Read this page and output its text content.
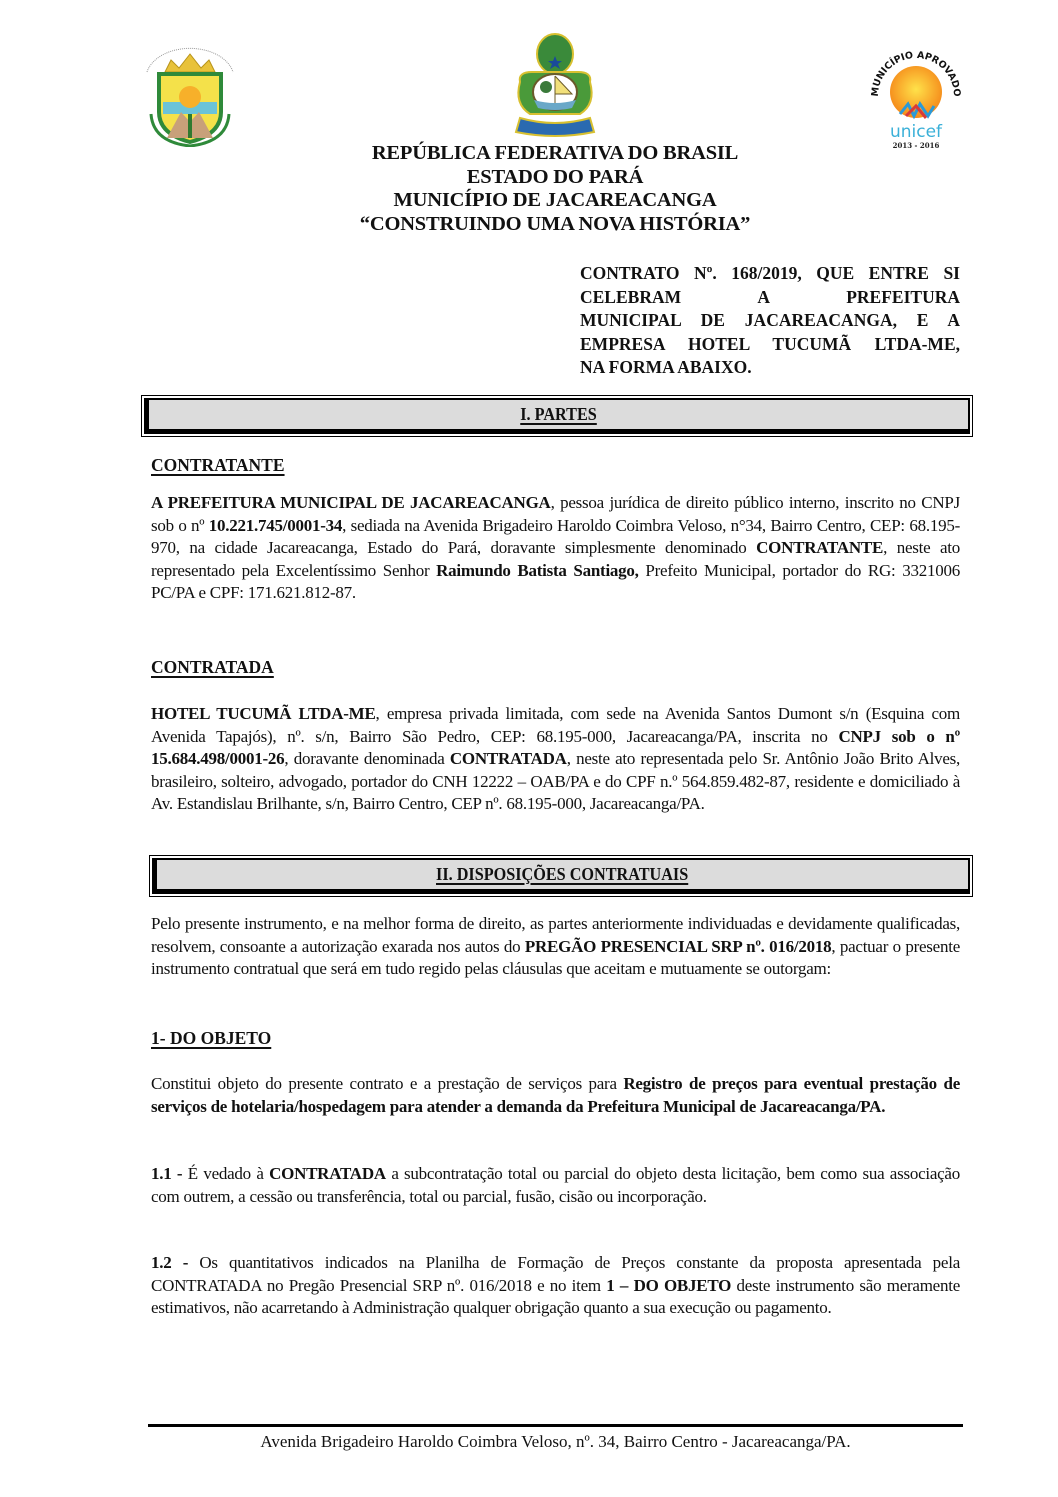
MUNICÍPIO APROVADO
unicef
2013 - 2016
REPÚBLICA FEDERATIVA DO BRASIL
ESTADO DO PARÁ
MUNICÍPIO DE JACAREACANGA
“CONSTRUINDO UMA NOVA HISTÓRIA”
CONTRATO Nº. 168/2019, QUE ENTRE SI
CELEBRAM A PREFEITURA
MUNICIPAL DE JACAREACANGA, E A
EMPRESA HOTEL TUCUMÃ LTDA-ME,
NA FORMA ABAIXO.
I. PARTES
CONTRATANTE
A PREFEITURA MUNICIPAL DE JACAREACANGA, pessoa jurídica de direito público interno, inscrito no CNPJ sob o nº 10.221.745/0001-34, sediada na Avenida Brigadeiro Haroldo Coimbra Veloso, n°34, Bairro Centro, CEP: 68.195-970, na cidade Jacareacanga, Estado do Pará, doravante simplesmente denominado CONTRATANTE, neste ato representado pela Excelentíssimo Senhor Raimundo Batista Santiago, Prefeito Municipal, portador do RG: 3321006 PC/PA e CPF: 171.621.812-87.
CONTRATADA
HOTEL TUCUMÃ LTDA-ME, empresa privada limitada, com sede na Avenida Santos Dumont s/n (Esquina com Avenida Tapajós), nº. s/n, Bairro São Pedro, CEP: 68.195-000, Jacareacanga/PA, inscrita no CNPJ sob o nº 15.684.498/0001-26, doravante denominada CONTRATADA, neste ato representada pelo Sr. Antônio João Brito Alves, brasileiro, solteiro, advogado, portador do CNH 12222 – OAB/PA e do CPF n.º 564.859.482-87, residente e domiciliado à Av. Estandislau Brilhante, s/n, Bairro Centro, CEP nº. 68.195-000, Jacareacanga/PA.
II. DISPOSIÇÕES CONTRATUAIS
Pelo presente instrumento, e na melhor forma de direito, as partes anteriormente individuadas e devidamente qualificadas, resolvem, consoante a autorização exarada nos autos do PREGÃO PRESENCIAL SRP nº. 016/2018, pactuar o presente instrumento contratual que será em tudo regido pelas cláusulas que aceitam e mutuamente se outorgam:
1- DO OBJETO
Constitui objeto do presente contrato e a prestação de serviços para Registro de preços para eventual prestação de serviços de hotelaria/hospedagem para atender a demanda da Prefeitura Municipal de Jacareacanga/PA.
1.1 - É vedado à CONTRATADA a subcontratação total ou parcial do objeto desta licitação, bem como sua associação com outrem, a cessão ou transferência, total ou parcial, fusão, cisão ou incorporação.
1.2 - Os quantitativos indicados na Planilha de Formação de Preços constante da proposta apresentada pela CONTRATADA no Pregão Presencial SRP nº. 016/2018 e no item 1 – DO OBJETO deste instrumento são meramente estimativos, não acarretando à Administração qualquer obrigação quanto a sua execução ou pagamento.
Avenida Brigadeiro Haroldo Coimbra Veloso, nº. 34, Bairro Centro - Jacareacanga/PA.
